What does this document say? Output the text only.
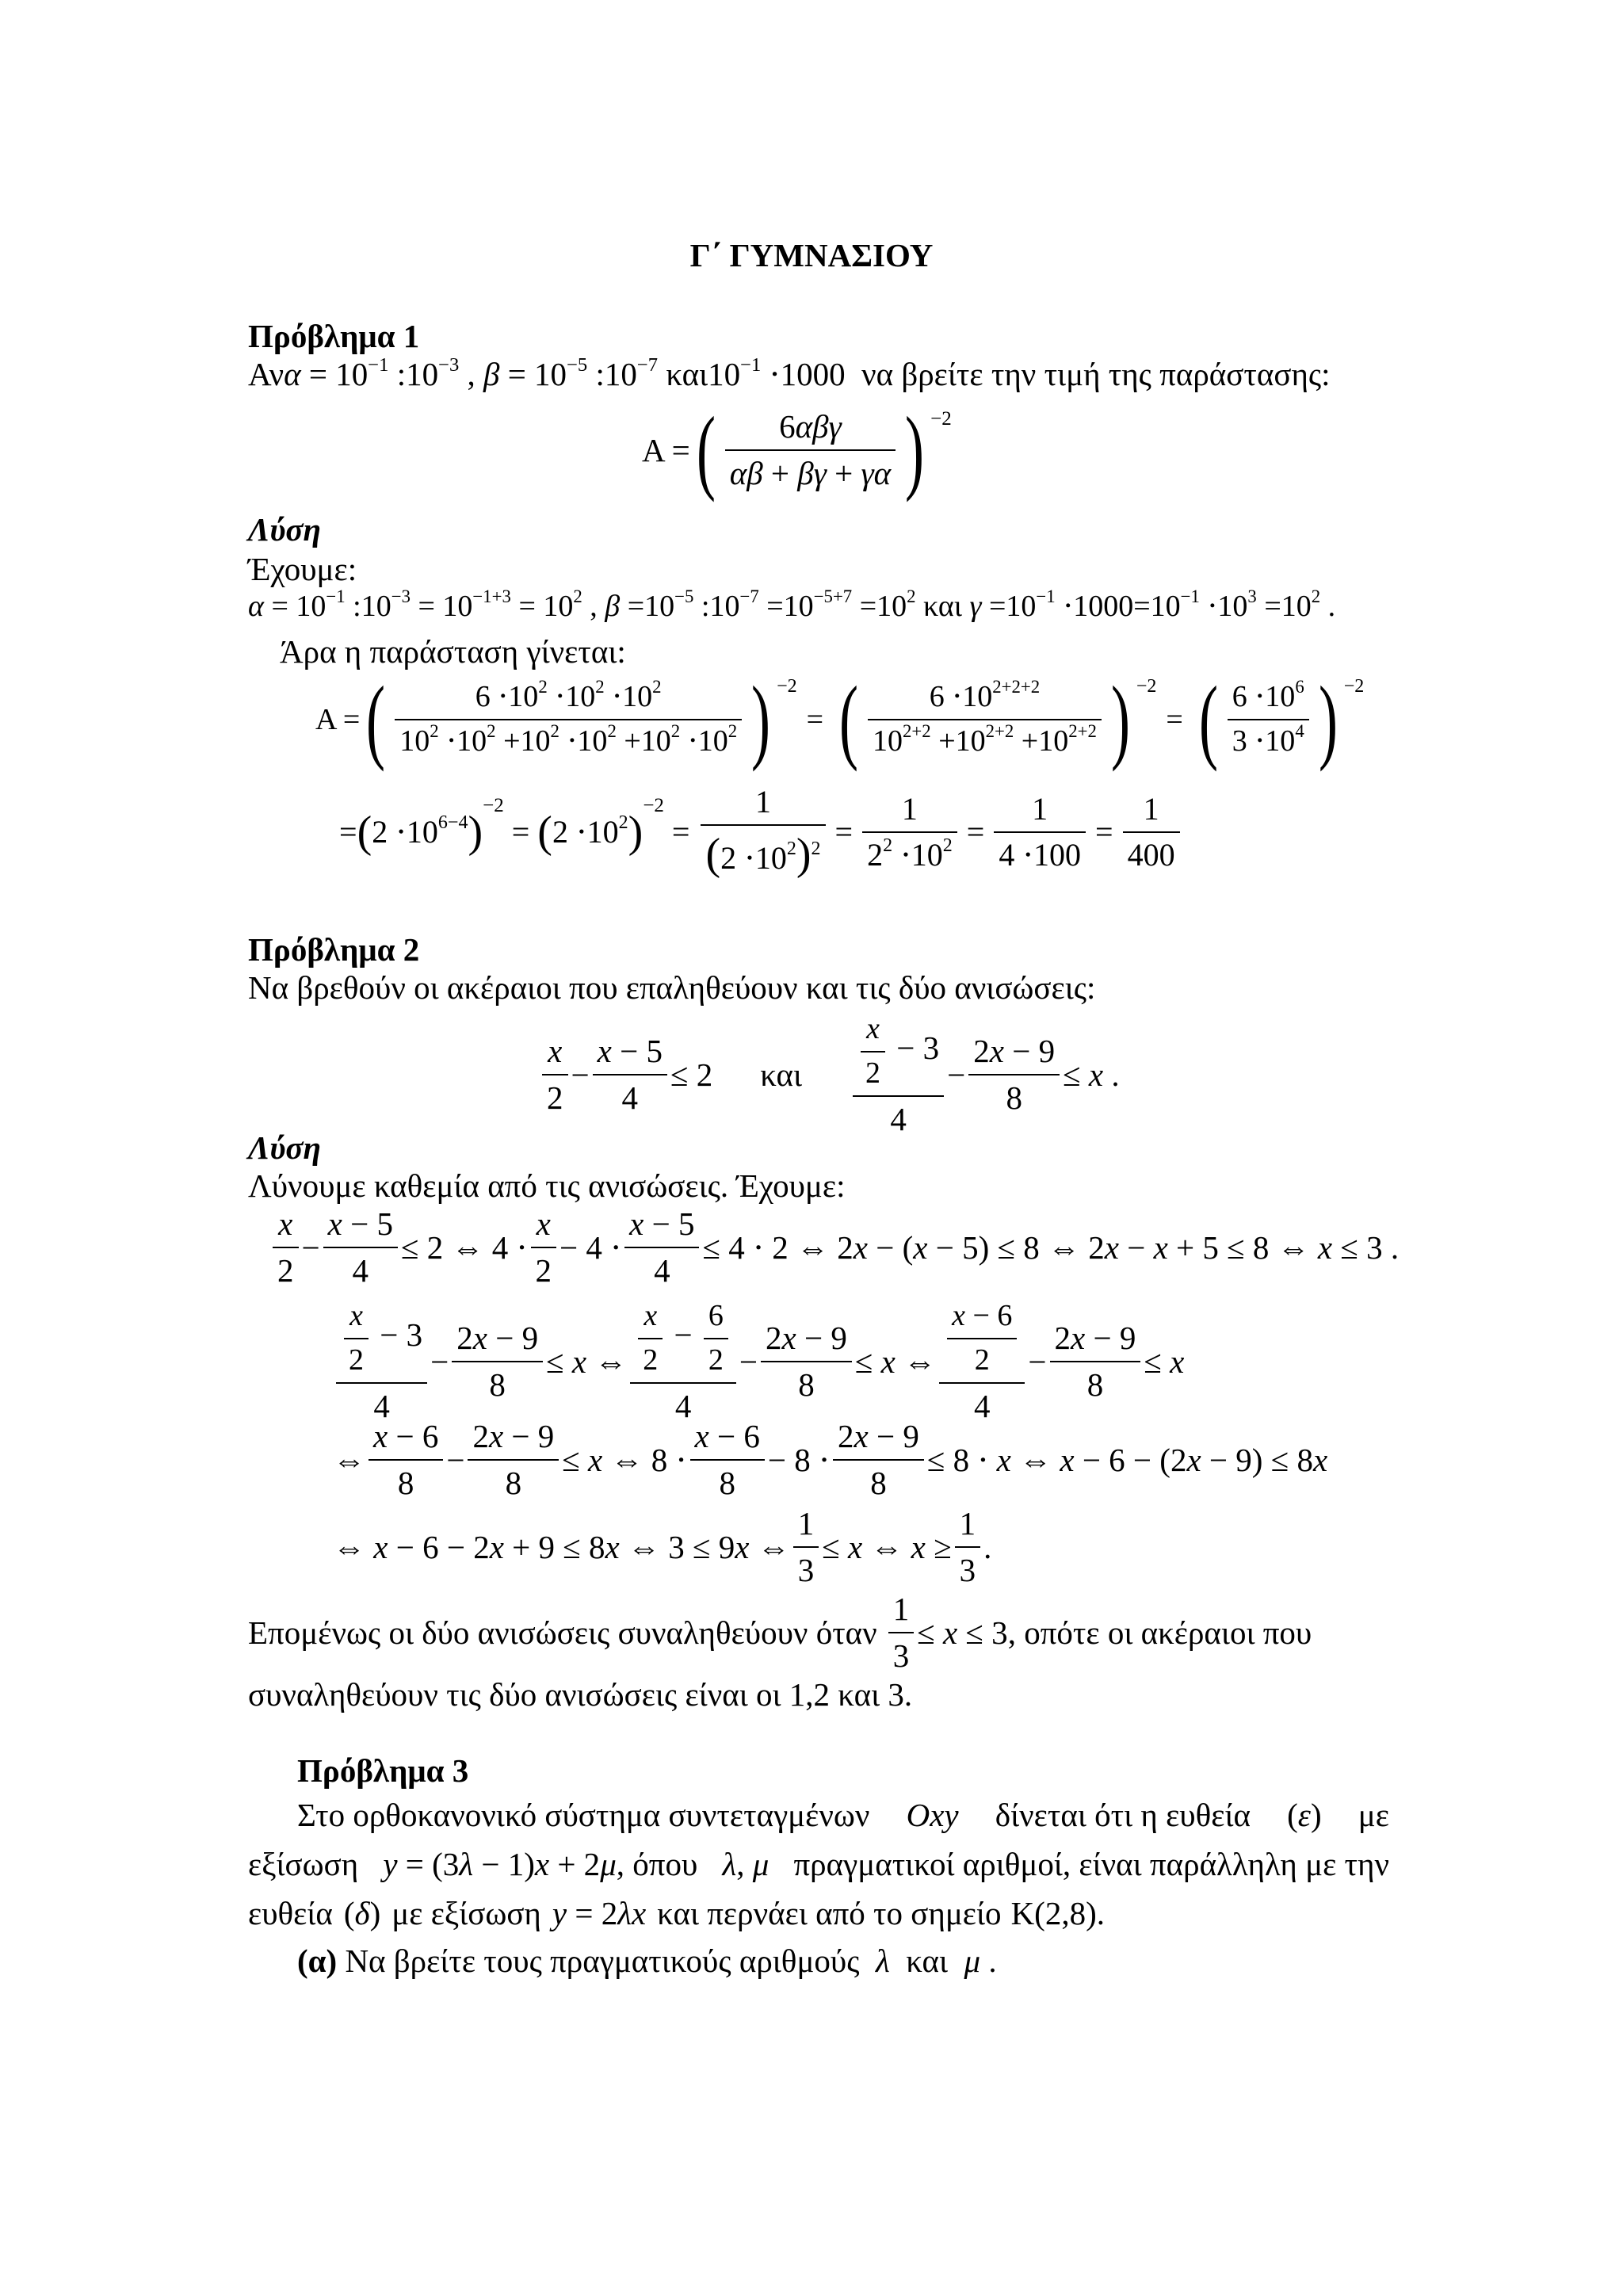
Γ΄ ΓΥΜΝΑΣΙΟΥ
Πρόβλημα 1
$A\nu\alpha = 10^{-1}$ $:10^{-3}$ , $\beta = 10^{-5}$ $:10^{-7}$ $\kappa\alpha\iota 10^{-1} \cdot 1000$  να βρείτε την τιμή της παράστασης:
A = (	6αβγ
αβ + βγ + γα ) −2
Λύση
Έχουμε:
$\alpha = 10^{-1}$ $:10^{-3} = 10^{-1+3} = 10^2$ , $\beta =10^{-5}$ $:10^{-7} =10^{-5+7} =10^2$ και $\gamma =10^{-1} \cdot 1000=10^{-1} \cdot 10^3 =10^2$ .
Άρα η παράσταση γίνεται:
A = (	$6 \cdot 10^2 \cdot 10^2 \cdot 10^2$
$10^2 \cdot 10^2 +10^2 \cdot 10^2 +10^2 \cdot 10^2$ ) −2
= (	$6 \cdot 10^{2+2+2}$
$10^{2+2} +10^{2+2} +10^{2+2}$ ) −2
= ( $6 \cdot 10^6$
$3 \cdot 10^4$ ) −2
= ( $2 \cdot 10^{6-4}$ )
−2
= ( $2 \cdot 10^2$ )
−2
= $\frac{1}{(2 \cdot 10^2)^2} = \frac{1}{2^2 \cdot 10^2} = \frac{1}{4 \cdot 100} = \frac{1}{400}$
Πρόβλημα 2
Να βρεθούν οι ακέραιοι που επαληθεύουν και τις δύο ανισώσεις:
x
2
− $\frac{x - 5}{4} \le 2$ και $\frac{x}{2} - 3$
4
− $\frac{2x - 9}{8} \le x$ .
Λύση
Λύνουμε καθεμία από τις ανισώσεις. Έχουμε:
x
2
− $\frac{x - 5}{4} \le 2$ ⇔ 4 ⋅
x
2
− $4 \cdot \frac{x - 5}{4} \le 4 \cdot 2$ ⇔ 2x − (x − 5) ≤ 8 ⇔ 2x − x + 5 ≤ 8 ⇔ x ≤ 3 .
$\frac{x}{2} - 3$
4
− $\frac{2x - 9}{8} \le x$ ⇔ $\frac{x}{2} - \frac{6}{2}$
4
− $\frac{2x - 9}{8} \le x$ ⇔ $\frac{x - 6}{2}$
4
− $\frac{2x - 9}{8} \le x$
⇔
x − 6
8
− $\frac{2x - 9}{8} \le x$ ⇔ 8 ⋅
x − 6
8
− $8 \cdot \frac{2x - 9}{8} \le 8 \cdot x$ ⇔ x − 6 − (2x − 9) ≤ 8x
⇔ x − 6 − 2x + 9 ≤ 8x ⇔ 3 ≤ 9x ⇔ $\frac{1}{3} \le x$ ⇔ $x \ge \frac{1}{3}$ .
Επομένως οι δύο ανισώσεις συναληθεύουν όταν $\frac{1}{3} \le x \le 3$ , οπότε οι ακέραιοι που
συναληθεύουν τις δύο ανισώσεις είναι οι 1,2 και 3.
Πρόβλημα 3
Στο ορθοκανονικό σύστημα συντεταγμένων Oxy δίνεται ότι η ευθεία (ε) με
εξίσωση y = (3λ − 1)x + 2μ, όπου λ, μ πραγματικοί αριθμοί, είναι παράλληλη με την
ευθεία (δ) με εξίσωση y = 2λx και περνάει από το σημείο K(2,8).
(α) Να βρείτε τους πραγματικούς αριθμούς  λ  και  μ .
